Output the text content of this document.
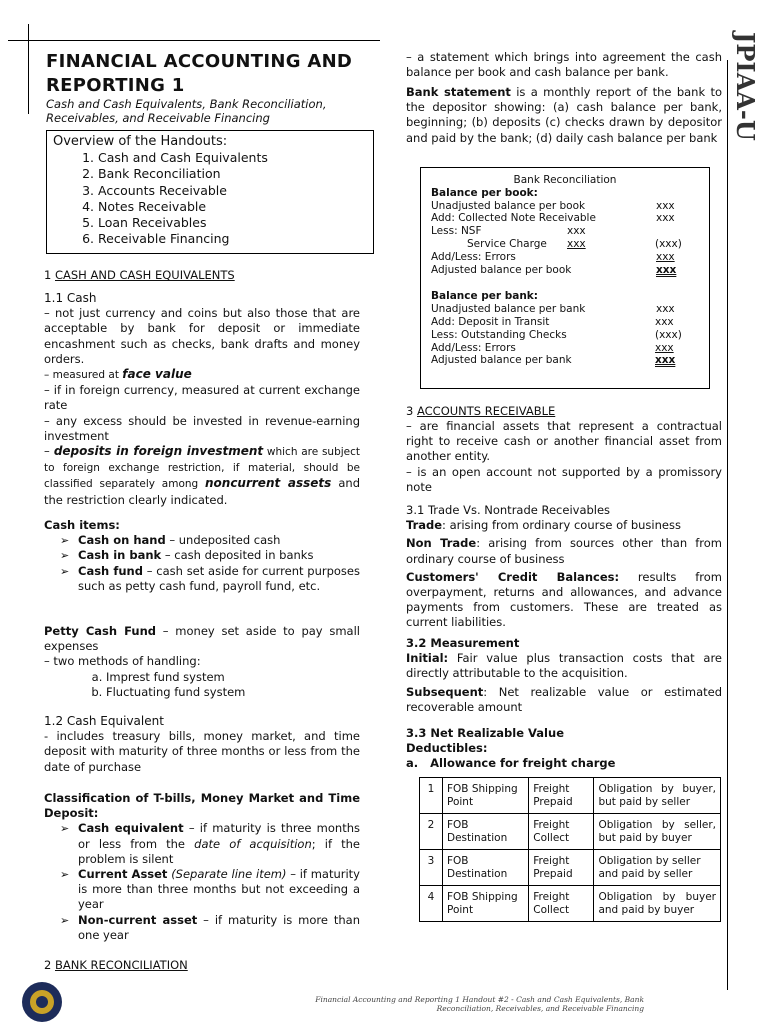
JPIAA-U
FINANCIAL ACCOUNTING AND REPORTING 1
Cash and Cash Equivalents, Bank Reconciliation, Receivables, and Receivable Financing
Overview of the Handouts:
1. Cash and Cash Equivalents
2. Bank Reconciliation
3. Accounts Receivable
4. Notes Receivable
5. Loan Receivables
6. Receivable Financing
1 CASH AND CASH EQUIVALENTS
1.1 Cash
– not just currency and coins but also those that are acceptable by bank for deposit or immediate encashment such as checks, bank drafts and money orders.
– measured at face value
– if in foreign currency, measured at current exchange rate
– any excess should be invested in revenue-earning investment
– deposits in foreign investment which are subject to foreign exchange restriction, if material, should be classified separately among noncurrent assets and the restriction clearly indicated.
Cash items:
➢ Cash on hand – undeposited cash
➢ Cash in bank – cash deposited in banks
➢ Cash fund – cash set aside for current purposes such as petty cash fund, payroll fund, etc.
Petty Cash Fund – money set aside to pay small expenses
– two methods of handling:
a. Imprest fund system
b. Fluctuating fund system
1.2 Cash Equivalent
- includes treasury bills, money market, and time deposit with maturity of three months or less from the date of purchase
Classification of T-bills, Money Market and Time Deposit:
➢ Cash equivalent – if maturity is three months or less from the date of acquisition; if the problem is silent
➢ Current Asset (Separate line item) – if maturity is more than three months but not exceeding a year
➢ Non-current asset – if maturity is more than one year
2 BANK RECONCILIATION
– a statement which brings into agreement the cash balance per book and cash balance per bank.
Bank statement is a monthly report of the bank to the depositor showing: (a) cash balance per bank, beginning; (b) deposits (c) checks drawn by depositor and paid by the bank; (d) daily cash balance per bank
Bank Reconciliation
Balance per book:
Unadjusted balance per book	xxx
Add: Collected Note Receivable	xxx
Less: NSF	xxx
Service Charge xxx	(xxx)
Add/Less: Errors	xxx
Adjusted balance per book	xxx
Balance per bank:
Unadjusted balance per bank	xxx
Add: Deposit in Transit	xxx
Less: Outstanding Checks	(xxx)
Add/Less: Errors	xxx
Adjusted balance per bank	xxx
3 ACCOUNTS RECEIVABLE
– are financial assets that represent a contractual right to receive cash or another financial asset from another entity.
– is an open account not supported by a promissory note
3.1 Trade Vs. Nontrade Receivables
Trade: arising from ordinary course of business
Non Trade: arising from sources other than from ordinary course of business
Customers' Credit Balances: results from overpayment, returns and allowances, and advance payments from customers. These are treated as current liabilities.
3.2 Measurement
Initial: Fair value plus transaction costs that are directly attributable to the acquisition.
Subsequent: Net realizable value or estimated recoverable amount
3.3 Net Realizable Value
Deductibles:
a. Allowance for freight charge
1	FOB Shipping Point	Freight Prepaid	Obligation by buyer, but paid by seller
2	FOB Destination	Freight Collect	Obligation by seller, but paid by buyer
3	FOB Destination	Freight Prepaid	Obligation by seller and paid by seller
4	FOB Shipping Point	Freight Collect	Obligation by buyer and paid by buyer
Financial Accounting and Reporting 1 Handout #2 - Cash and Cash Equivalents, Bank Reconciliation, Receivables, and Receivable Financing
